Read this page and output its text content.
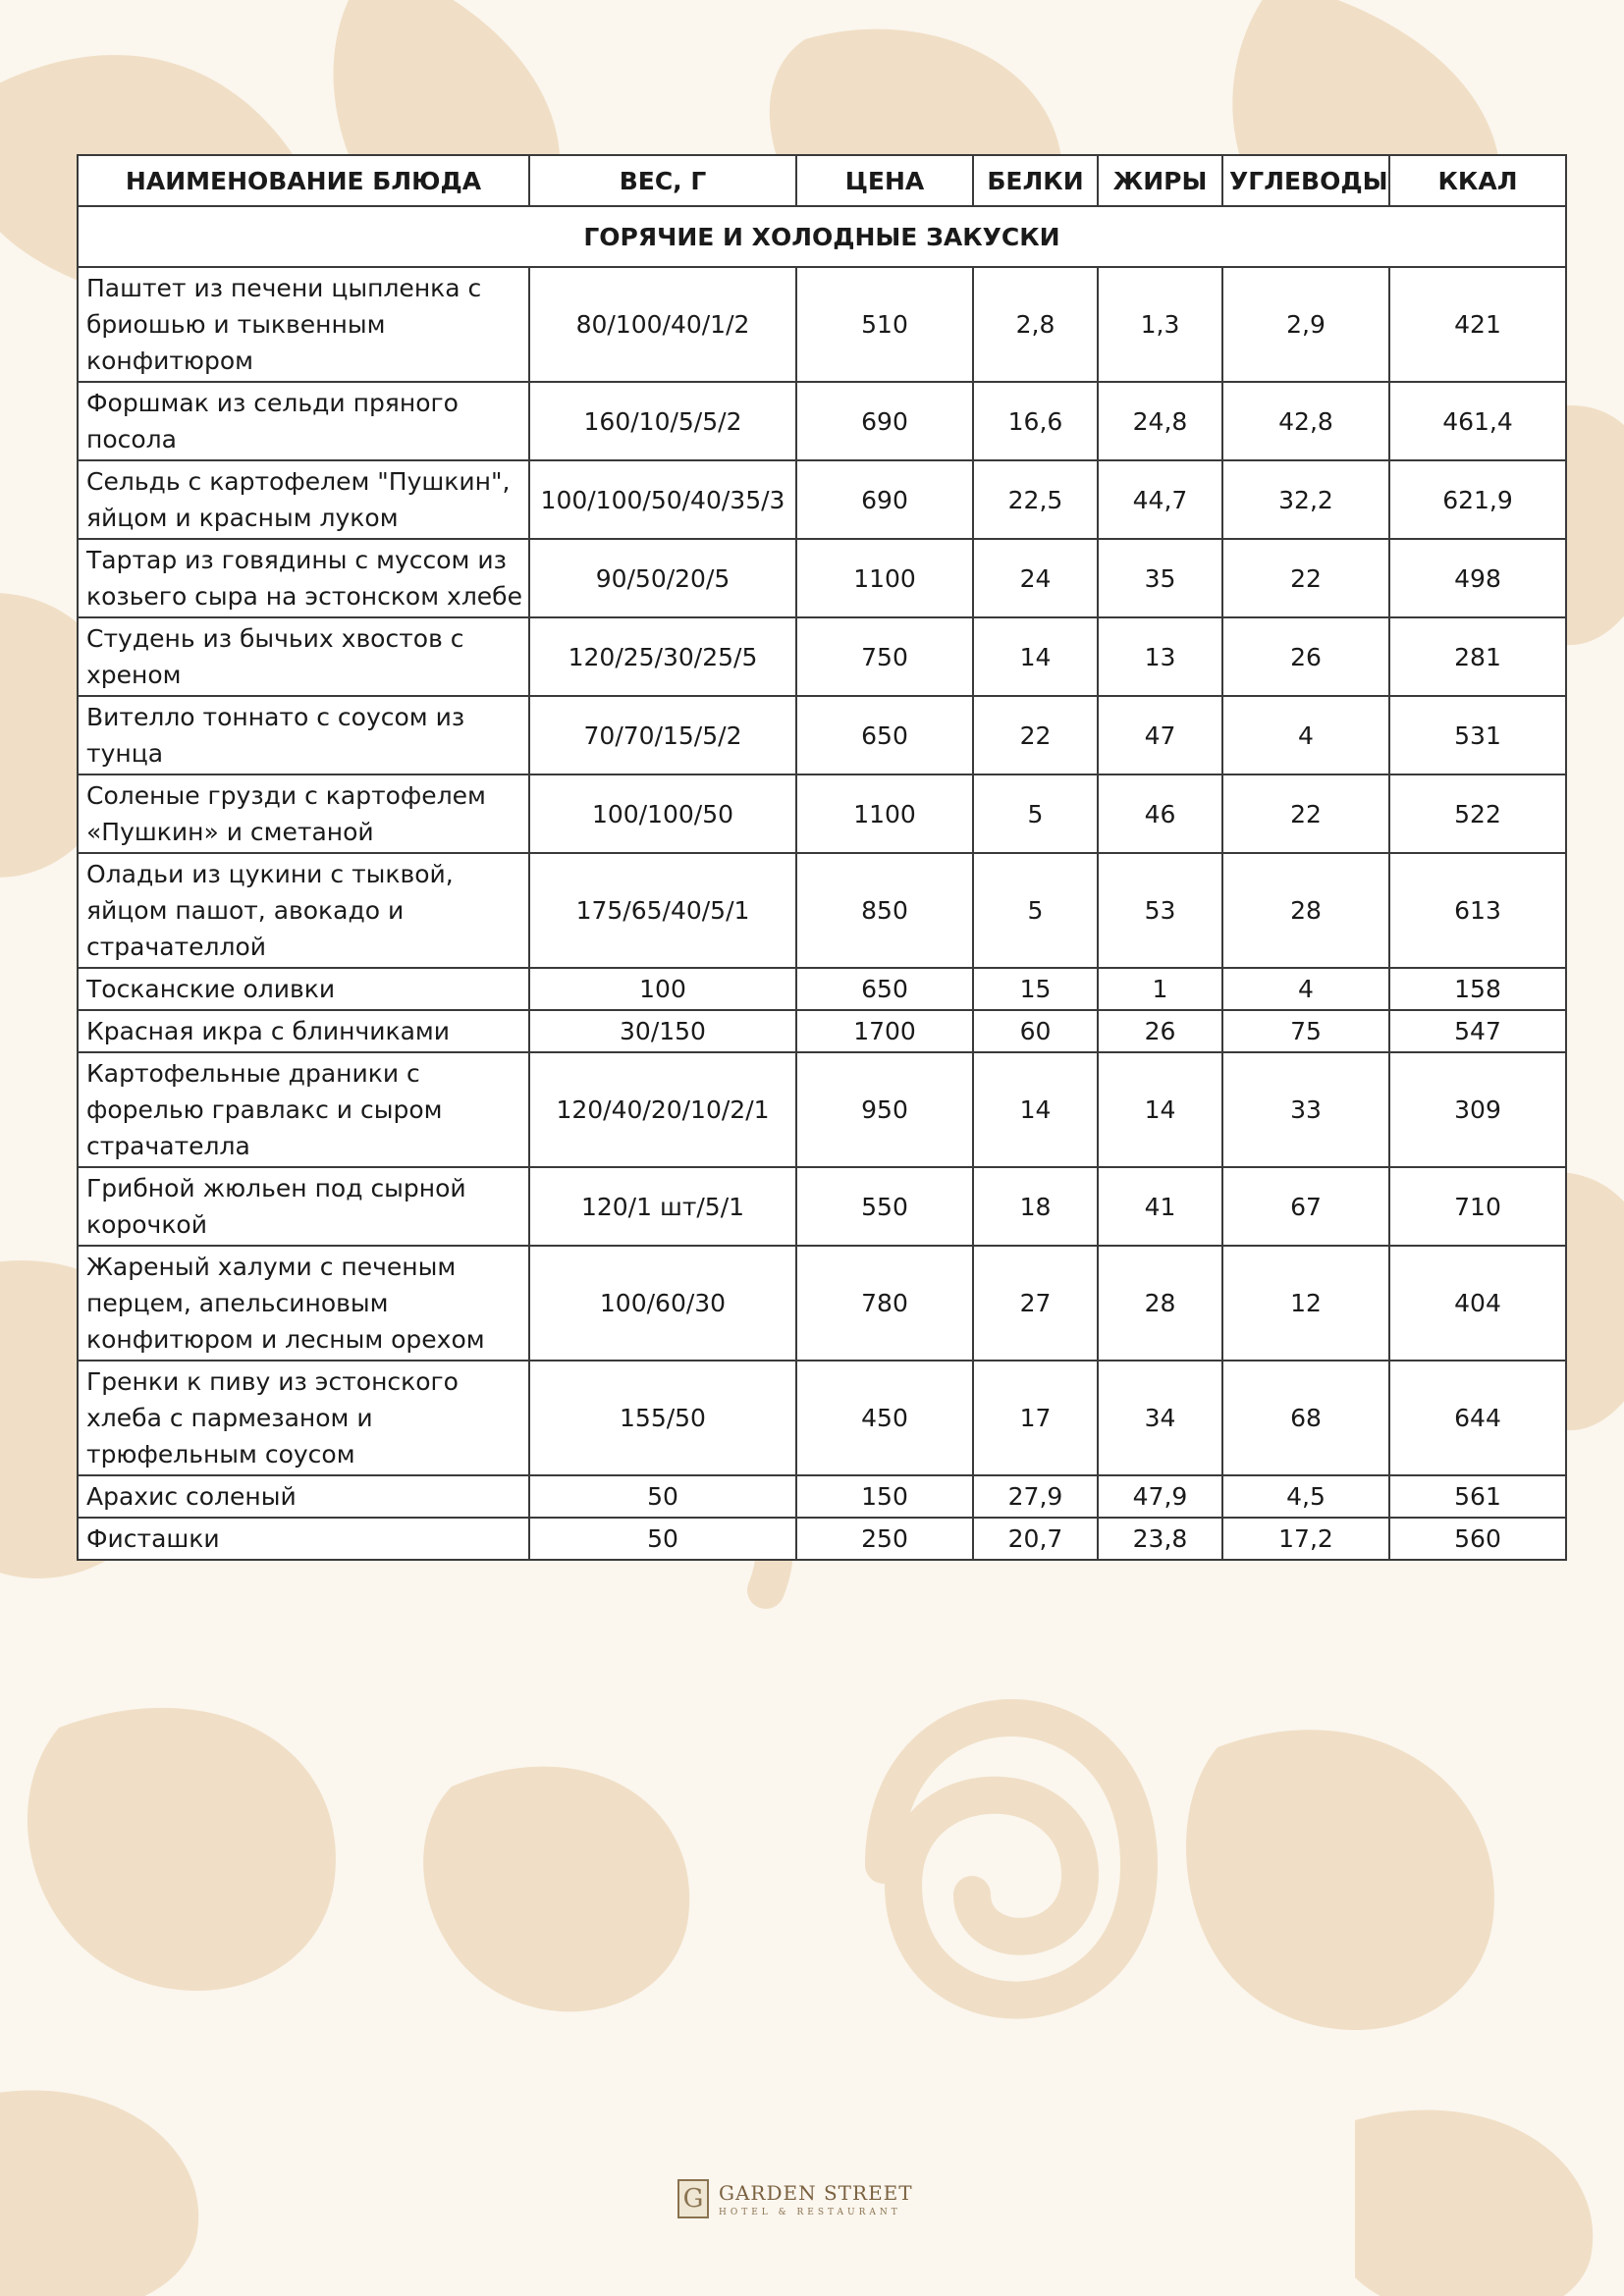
НАИМЕНОВАНИЕ БЛЮДА	ВЕС, Г	ЦЕНА	БЕЛКИ	ЖИРЫ	УГЛЕВОДЫ	ККАЛ
ГОРЯЧИЕ И ХОЛОДНЫЕ ЗАКУСКИ						
Паштет из печени цыпленка с бриошью и тыквенным конфитюром	80/100/40/1/2	510	2,8	1,3	2,9	421
Форшмак из сельди пряного посола	160/10/5/5/2	690	16,6	24,8	42,8	461,4
Сельдь с картофелем "Пушкин", яйцом и красным луком	100/100/50/40/35/3	690	22,5	44,7	32,2	621,9
Тартар из говядины с муссом из козьего сыра на эстонском хлебе	90/50/20/5	1100	24	35	22	498
Студень из бычьих хвостов с хреном	120/25/30/25/5	750	14	13	26	281
Вителло тоннато с соусом из тунца	70/70/15/5/2	650	22	47	4	531
Соленые грузди с картофелем «Пушкин» и сметаной	100/100/50	1100	5	46	22	522
Оладьи из цукини с тыквой, яйцом пашот, авокадо и страчателлой	175/65/40/5/1	850	5	53	28	613
Тосканские оливки	100	650	15	1	4	158
Красная икра с блинчиками	30/150	1700	60	26	75	547
Картофельные драники с форелью гравлакс и сыром страчателла	120/40/20/10/2/1	950	14	14	33	309
Грибной жюльен под сырной корочкой	120/1 шт/5/1	550	18	41	67	710
Жареный халуми с печеным перцем, апельсиновым конфитюром и лесным орехом	100/60/30	780	27	28	12	404
Гренки к пиву из эстонского хлеба с пармезаном и трюфельным соусом	155/50	450	17	34	68	644
Арахис соленый	50	150	27,9	47,9	4,5	561
Фисташки	50	250	20,7	23,8	17,2	560
G GARDEN STREET
HOTEL & RESTAURANT
